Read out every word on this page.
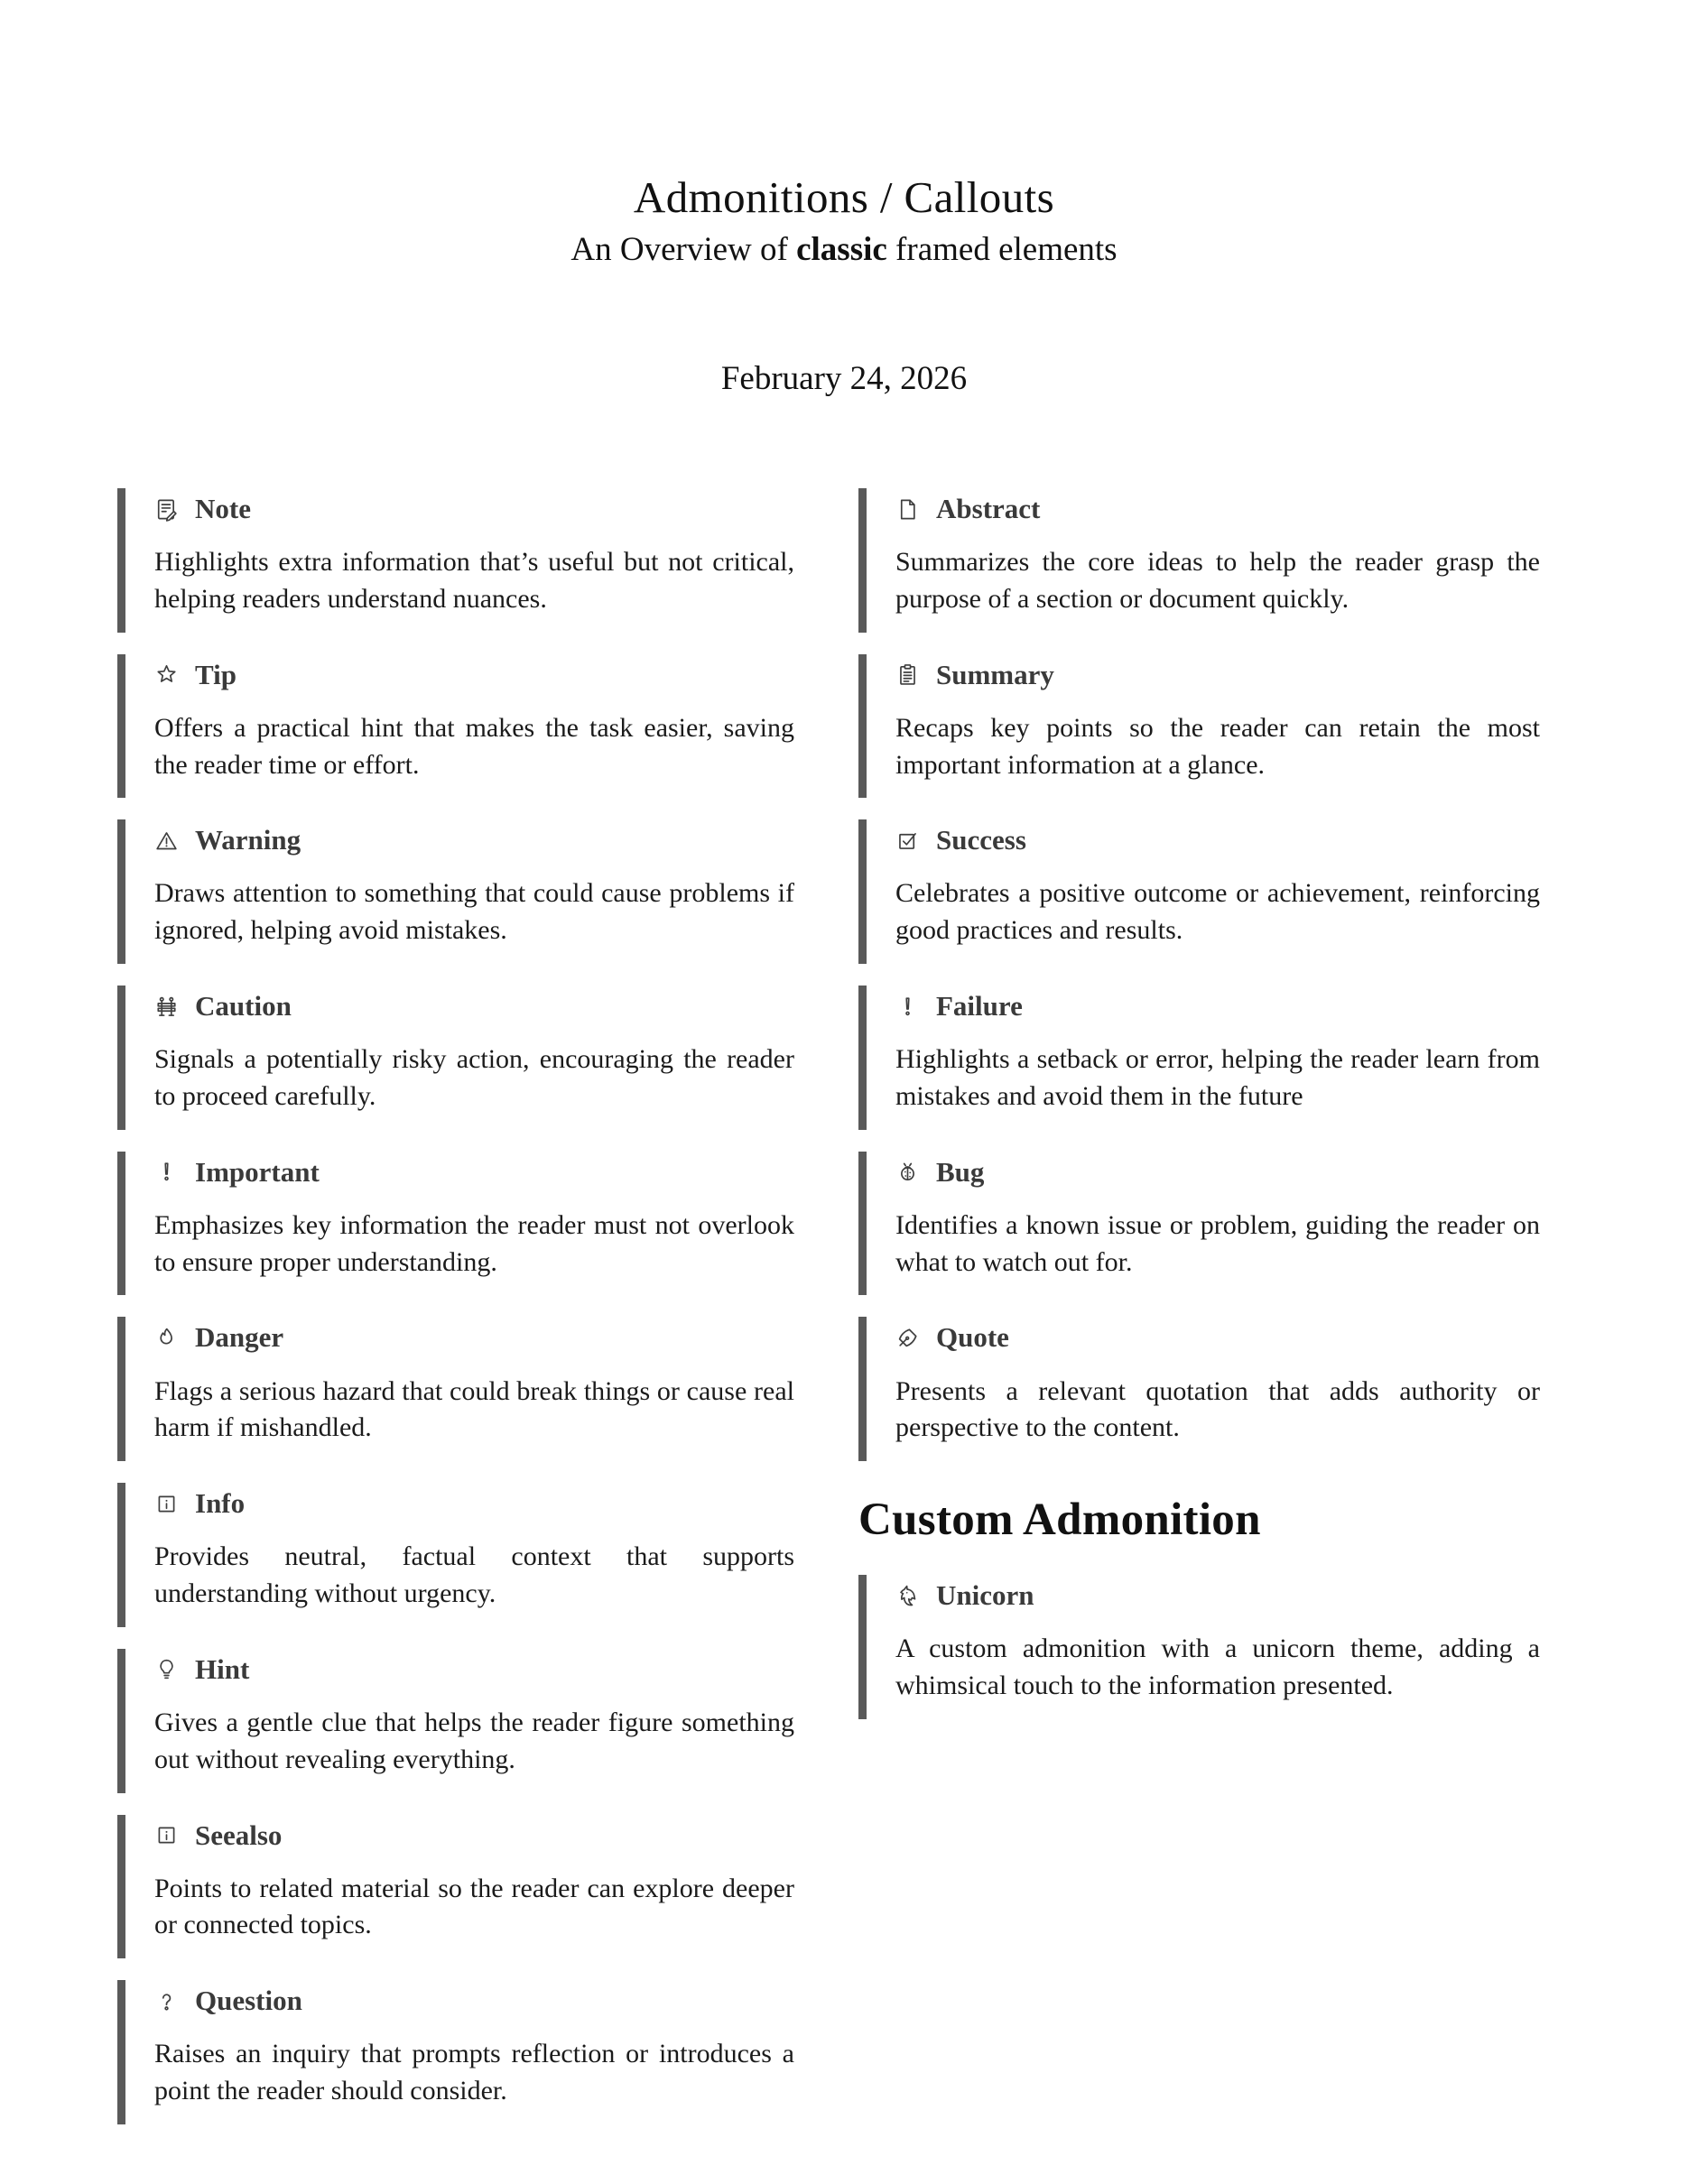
Admonitions / Callouts
An Overview of classic framed elements
February 24, 2026
Note

Highlights extra information that’s useful but not critical, helping readers understand nuances.

Tip

Offers a practical hint that makes the task easier, saving the reader time or effort.

Warning

Draws attention to something that could cause problems if ignored, helping avoid mistakes.

Caution

Signals a potentially risky action, encouraging the reader to proceed carefully.

Important

Emphasizes key information the reader must not overlook to ensure proper understanding.

Danger

Flags a serious hazard that could break things or cause real harm if mishandled.

Info

Provides neutral, factual context that supports understanding without urgency.

Hint

Gives a gentle clue that helps the reader figure something out without revealing everything.

Seealso

Points to related material so the reader can explore deeper or connected topics.

Question

Raises an inquiry that prompts reflection or introduces a point the reader should consider.

Abstract

Summarizes the core ideas to help the reader grasp the purpose of a section or document quickly.

Summary

Recaps key points so the reader can retain the most important information at a glance.

Success

Celebrates a positive outcome or achievement, reinforcing good practices and results.

Failure

Highlights a setback or error, helping the reader learn from mistakes and avoid them in the future

Bug

Identifies a known issue or problem, guiding the reader on what to watch out for.

Quote

Presents a relevant quotation that adds authority or perspective to the content.

Custom Admonition
Unicorn

A custom admonition with a unicorn theme, adding a whimsical touch to the information presented.
